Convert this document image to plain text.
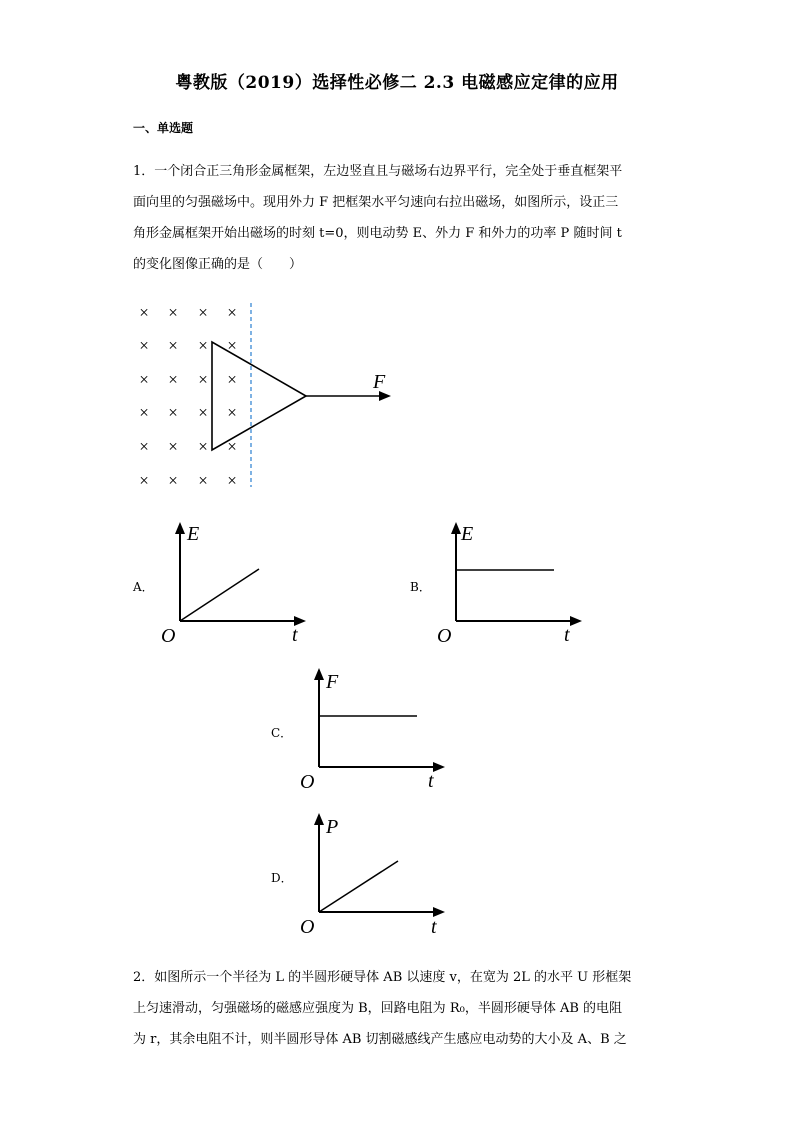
粤教版（2019）选择性必修二 2.3 电磁感应定律的应用
一、单选题
1．一个闭合正三角形金属框架，左边竖直且与磁场右边界平行，完全处于垂直框架平
面向里的匀强磁场中。现用外力 F 把框架水平匀速向右拉出磁场，如图所示，设正三
角形金属框架开始出磁场的时刻 t=0，则电动势 E、外力 F 和外力的功率 P 随时间 t
的变化图像正确的是（　　）
× × × ×
× × × ×
× × × ×
× × × ×
× × × ×
× × × ×
F
A．
E
O	t
B．
E
O	t
C．
F
O	t
D．
P
O	t
2．如图所示一个半径为 L 的半圆形硬导体 AB 以速度 v，在宽为 2L 的水平 U 形框架
上匀速滑动，匀强磁场的磁感应强度为 B，回路电阻为 R₀，半圆形硬导体 AB 的电阻
为 r，其余电阻不计，则半圆形导体 AB 切割磁感线产生感应电动势的大小及 A、B 之
